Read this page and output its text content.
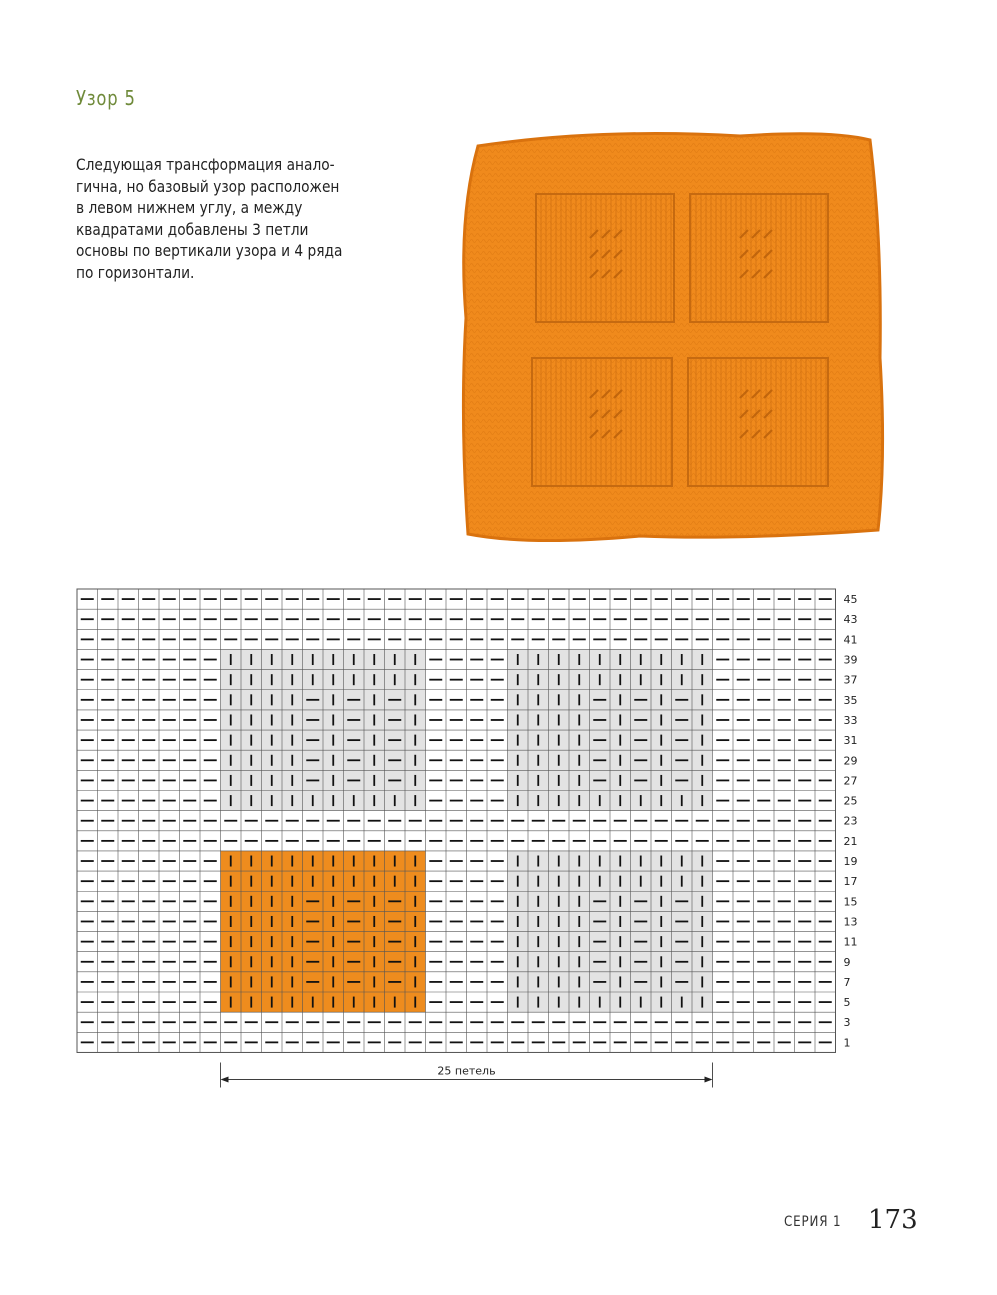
Узор 5
Следующая трансформация анало-
гична, но базовый узор расположен
в левом нижнем углу, а между
квадратами добавлены 3 петли
основы по вертикали узора и 4 ряда
по горизонтали.
45
43
41
39
37
35
33
31
29
27
25
23
21
19
17
15
13
11
9
7
5
3
1
25 петель
СЕРИЯ 1 173
